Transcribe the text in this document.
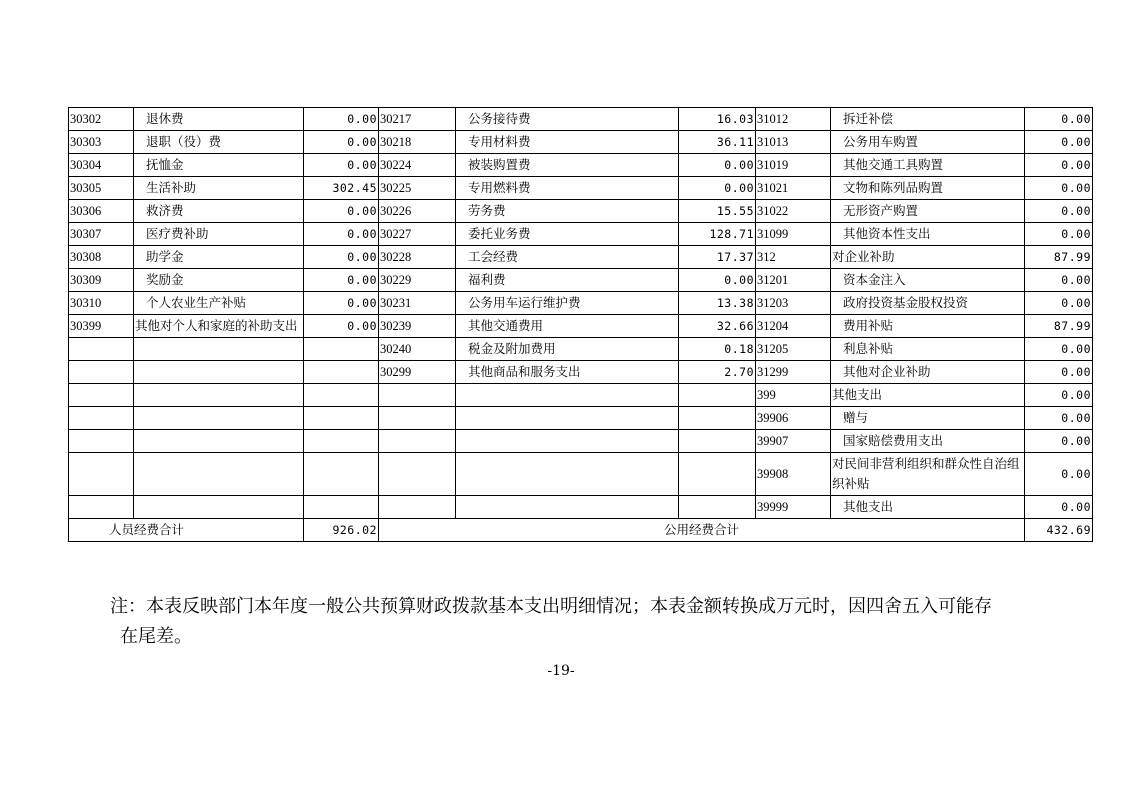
30302	退休费	0.00	30217	公务接待费	16.03	31012	拆迁补偿	0.00
30303	退职（役）费	0.00	30218	专用材料费	36.11	31013	公务用车购置	0.00
30304	抚恤金	0.00	30224	被装购置费	0.00	31019	其他交通工具购置	0.00
30305	生活补助	302.45	30225	专用燃料费	0.00	31021	文物和陈列品购置	0.00
30306	救济费	0.00	30226	劳务费	15.55	31022	无形资产购置	0.00
30307	医疗费补助	0.00	30227	委托业务费	128.71	31099	其他资本性支出	0.00
30308	助学金	0.00	30228	工会经费	17.37	312	对企业补助	87.99
30309	奖励金	0.00	30229	福利费	0.00	31201	资本金注入	0.00
30310	个人农业生产补贴	0.00	30231	公务用车运行维护费	13.38	31203	政府投资基金股权投资	0.00
30399	其他对个人和家庭的补助支出	0.00	30239	其他交通费用	32.66	31204	费用补贴	87.99
			30240	税金及附加费用	0.18	31205	利息补贴	0.00
			30299	其他商品和服务支出	2.70	31299	其他对企业补助	0.00
						399	其他支出	0.00
						39906	赠与	0.00
						39907	国家赔偿费用支出	0.00
						39908	对民间非营利组织和群众性自治组织补贴	0.00
						39999	其他支出	0.00
人员经费合计		926.02	公用经费合计					432.69
注：本表反映部门本年度一般公共预算财政拨款基本支出明细情况；本表金额转换成万元时，因四舍五入可能存
在尾差。
-19-
